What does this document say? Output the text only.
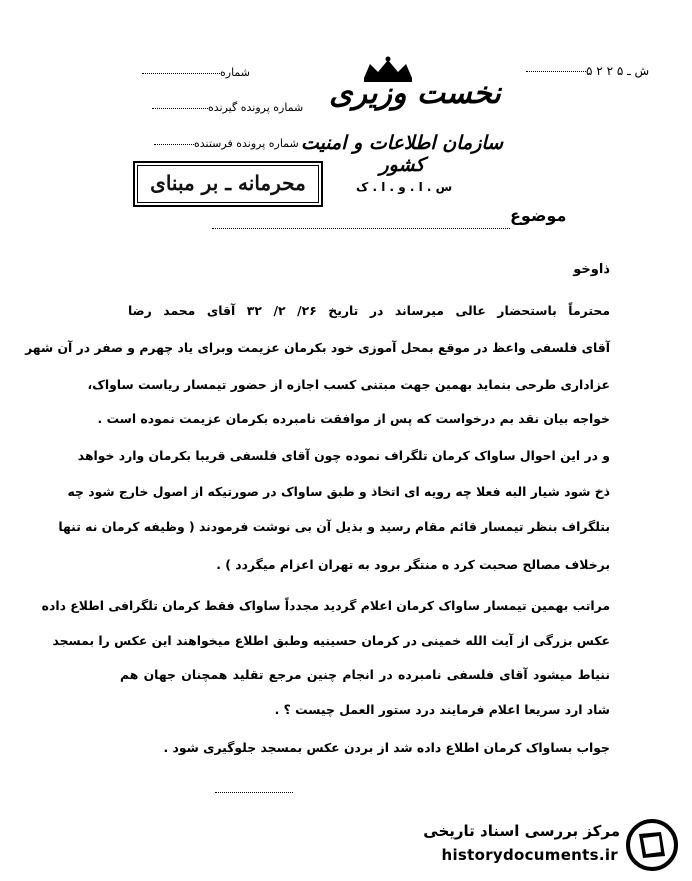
شماره
شماره پرونده گیرنده
شماره پرونده فرستنده
نخست وزیری
سازمان اطلاعات و امنیت کشور
ش ـ ۵ ۲ ۲ ۵
س . ا . و . ا . ک
محرمانه ـ بر مبنای
موضوع
ذاوخو
محترماً باستحضار عالی میرساند در تاریخ ۲۶/ ۲/ ۳۲ آقای محمد رضا
آقای فلسفی واعظ در موقع بمحل آموزی خود بکرمان عزیمت وبرای یاد چهرم و صفر در آن شهر
عزاداری طرحی بنماید بهمین جهت مبتنی کسب اجازه از حضور تیمسار ریاست ساواک،
خواجه بیان نقد بم درخواست که پس از موافقت نامبرده بکرمان عزیمت نموده است .
و در این احوال ساواک کرمان تلگراف نموده چون آقای فلسفی قریبا بکرمان وارد خواهد
ذخ شود شیار البه فعلا چه رویه ای اتخاذ و طبق ساواک در صورتیکه از اصول خارج شود چه
بتلگراف بنظر تیمسار قائم مقام رسید و بذیل آن بی نوشت فرمودند ( وظیفه کرمان نه تنها
برخلاف مصالح صحبت کرد ه منتگر برود به تهران اعزام میگردد ) .
مراتب بهمین تیمسار ساواک کرمان اعلام گردید مجدداً ساواک فقط کرمان تلگرافی اطلاع داده
عکس بزرگی از آیت الله خمینی در کرمان حسینیه وطبق اطلاع میخواهند این عکس را بمسجد
ننیاط میشود آقای فلسفی نامبرده در انجام چنین مرجع تقلید همچنان جهان هم
شاد ارد سریعا اعلام فرمایند درد ستور العمل چیست ؟ .
جواب بساواک کرمان اطلاع داده شد از بردن عکس بمسجد جلوگیری شود .
مرکز بررسی اسناد تاریخی
historydocuments.ir
